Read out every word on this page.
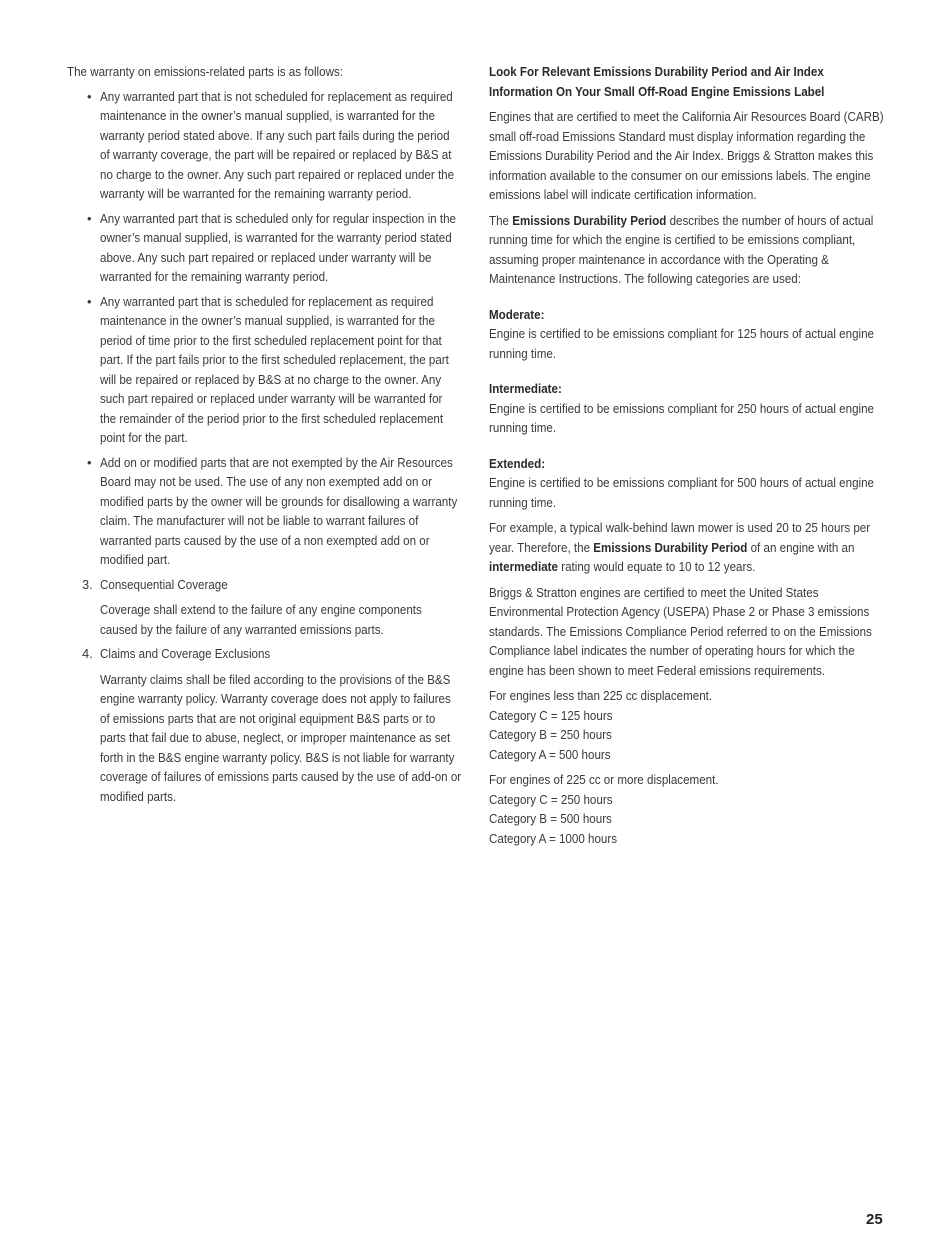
The warranty on emissions-related parts is as follows:

• Any warranted part that is not scheduled for replacement as required maintenance in the owner’s manual supplied, is warranted for the warranty period stated above. If any such part fails during the period of warranty coverage, the part will be repaired or replaced by B&S at no charge to the owner. Any such part repaired or replaced under the warranty will be warranted for the remaining warranty period.

• Any warranted part that is scheduled only for regular inspection in the owner’s manual supplied, is warranted for the warranty period stated above. Any such part repaired or replaced under warranty will be warranted for the remaining warranty period.

• Any warranted part that is scheduled for replacement as required maintenance in the owner’s manual supplied, is warranted for the period of time prior to the first scheduled replacement point for that part. If the part fails prior to the first scheduled replacement, the part will be repaired or replaced by B&S at no charge to the owner. Any such part repaired or replaced under warranty will be warranted for the remainder of the period prior to the first scheduled replacement point for the part.

• Add on or modified parts that are not exempted by the Air Resources Board may not be used. The use of any non exempted add on or modified parts by the owner will be grounds for disallowing a warranty claim. The manufacturer will not be liable to warrant failures of warranted parts caused by the use of a non exempted add on or modified part.

3. Consequential Coverage

Coverage shall extend to the failure of any engine components caused by the failure of any warranted emissions parts.

4. Claims and Coverage Exclusions

Warranty claims shall be filed according to the provisions of the B&S engine warranty policy. Warranty coverage does not apply to failures of emissions parts that are not original equipment B&S parts or to parts that fail due to abuse, neglect, or improper maintenance as set forth in the B&S engine warranty policy. B&S is not liable for warranty coverage of failures of emissions parts caused by the use of add-on or modified parts.

Look For Relevant Emissions Durability Period and Air Index

Information On Your Small Off-Road Engine Emissions Label

Engines that are certified to meet the California Air Resources Board (CARB) small off-road Emissions Standard must display information regarding the Emissions Durability Period and the Air Index. Briggs & Stratton makes this information available to the consumer on our emissions labels. The engine emissions label will indicate certification information.

The Emissions Durability Period describes the number of hours of actual running time for which the engine is certified to be emissions compliant, assuming proper maintenance in accordance with the Operating & Maintenance Instructions. The following categories are used:

Moderate:

Engine is certified to be emissions compliant for 125 hours of actual engine running time.

Intermediate:

Engine is certified to be emissions compliant for 250 hours of actual engine running time.

Extended:

Engine is certified to be emissions compliant for 500 hours of actual engine running time.

For example, a typical walk-behind lawn mower is used 20 to 25 hours per year. Therefore, the Emissions Durability Period of an engine with an intermediate rating would equate to 10 to 12 years.

Briggs & Stratton engines are certified to meet the United States Environmental Protection Agency (USEPA) Phase 2 or Phase 3 emissions standards. The Emissions Compliance Period referred to on the Emissions Compliance label indicates the number of operating hours for which the engine has been shown to meet Federal emissions requirements.

For engines less than 225 cc displacement.

Category C = 125 hours

Category B = 250 hours

Category A = 500 hours

For engines of 225 cc or more displacement.

Category C = 250 hours

Category B = 500 hours

Category A = 1000 hours

25
